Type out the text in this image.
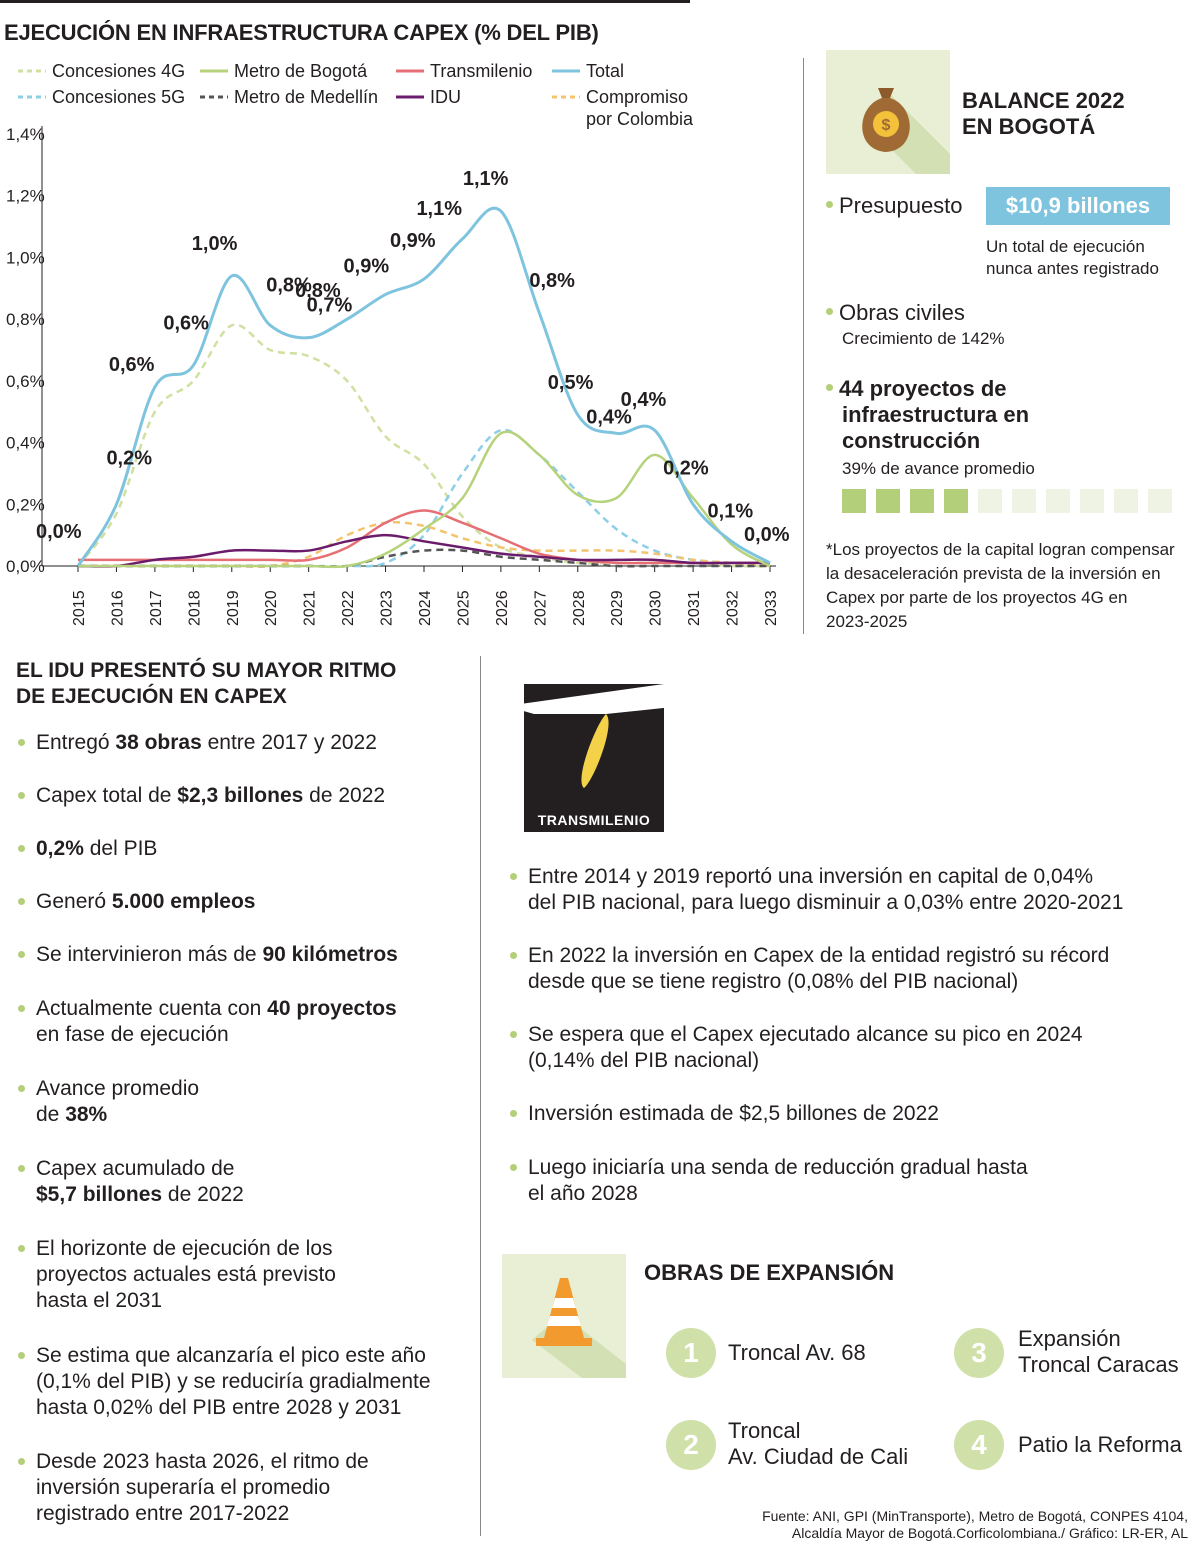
EJECUCIÓN EN INFRAESTRUCTURA CAPEX (% DEL PIB)
Concesiones 4G
Concesiones 5G
Metro de Bogotá
Metro de Medellín
Transmilenio
IDU
Total
Compromiso por Colombia
0,0%
0,2%
0,4%
0,6%
0,8%
1,0%
1,2%
1,4%
2015 2016 2017 2018 2019 2020 2021 2022 2023 2024 2025 2026 2027 2028 2029 2030 2031 2032 2033
0,0%
0,2%
0,6%
0,6%
1,0%
0,8%
0,7%
0,8%
0,9%
0,9%
1,1%
1,1%
0,8%
0,5%
0,4%
0,4%
0,2%
0,1%
0,0%
$
BALANCE 2022
EN BOGOTÁ
Presupuesto	$10,9 billones
Un total de ejecución
nunca antes registrado
Obras civiles
Crecimiento de 142%
44 proyectos de
infraestructura en
construcción
39% de avance promedio
*Los proyectos de la capital logran compensar
la desaceleración prevista de la inversión en
Capex por parte de los proyectos 4G en
2023-2025
EL IDU PRESENTÓ SU MAYOR RITMO
DE EJECUCIÓN EN CAPEX
Entregó 38 obras entre 2017 y 2022
Capex total de $2,3 billones de 2022
0,2% del PIB
Generó 5.000 empleos
Se intervinieron más de 90 kilómetros
Actualmente cuenta con 40 proyectos
en fase de ejecución
Avance promedio
de 38%
Capex acumulado de
$5,7 billones de 2022
El horizonte de ejecución de los
proyectos actuales está previsto
hasta el 2031
Se estima que alcanzaría el pico este año
(0,1% del PIB) y se reduciría gradialmente
hasta 0,02% del PIB entre 2028 y 2031
Desde 2023 hasta 2026, el ritmo de
inversión superaría el promedio
registrado entre 2017-2022
TRANSMILENIO
Entre 2014 y 2019 reportó una inversión en capital de 0,04%
del PIB nacional, para luego disminuir a 0,03% entre 2020-2021
En 2022 la inversión en Capex de la entidad registró su récord
desde que se tiene registro (0,08% del PIB nacional)
Se espera que el Capex ejecutado alcance su pico en 2024
(0,14% del PIB nacional)
Inversión estimada de $2,5 billones de 2022
Luego iniciaría una senda de reducción gradual hasta
el año 2028
OBRAS DE EXPANSIÓN
1	Troncal Av. 68
2	Troncal
Av. Ciudad de Cali
3	Expansión
Troncal Caracas
4	Patio la Reforma
Fuente: ANI, GPI (MinTransporte), Metro de Bogotá, CONPES 4104,
Alcaldía Mayor de Bogotá.Corficolombiana./ Gráfico: LR-ER, AL
